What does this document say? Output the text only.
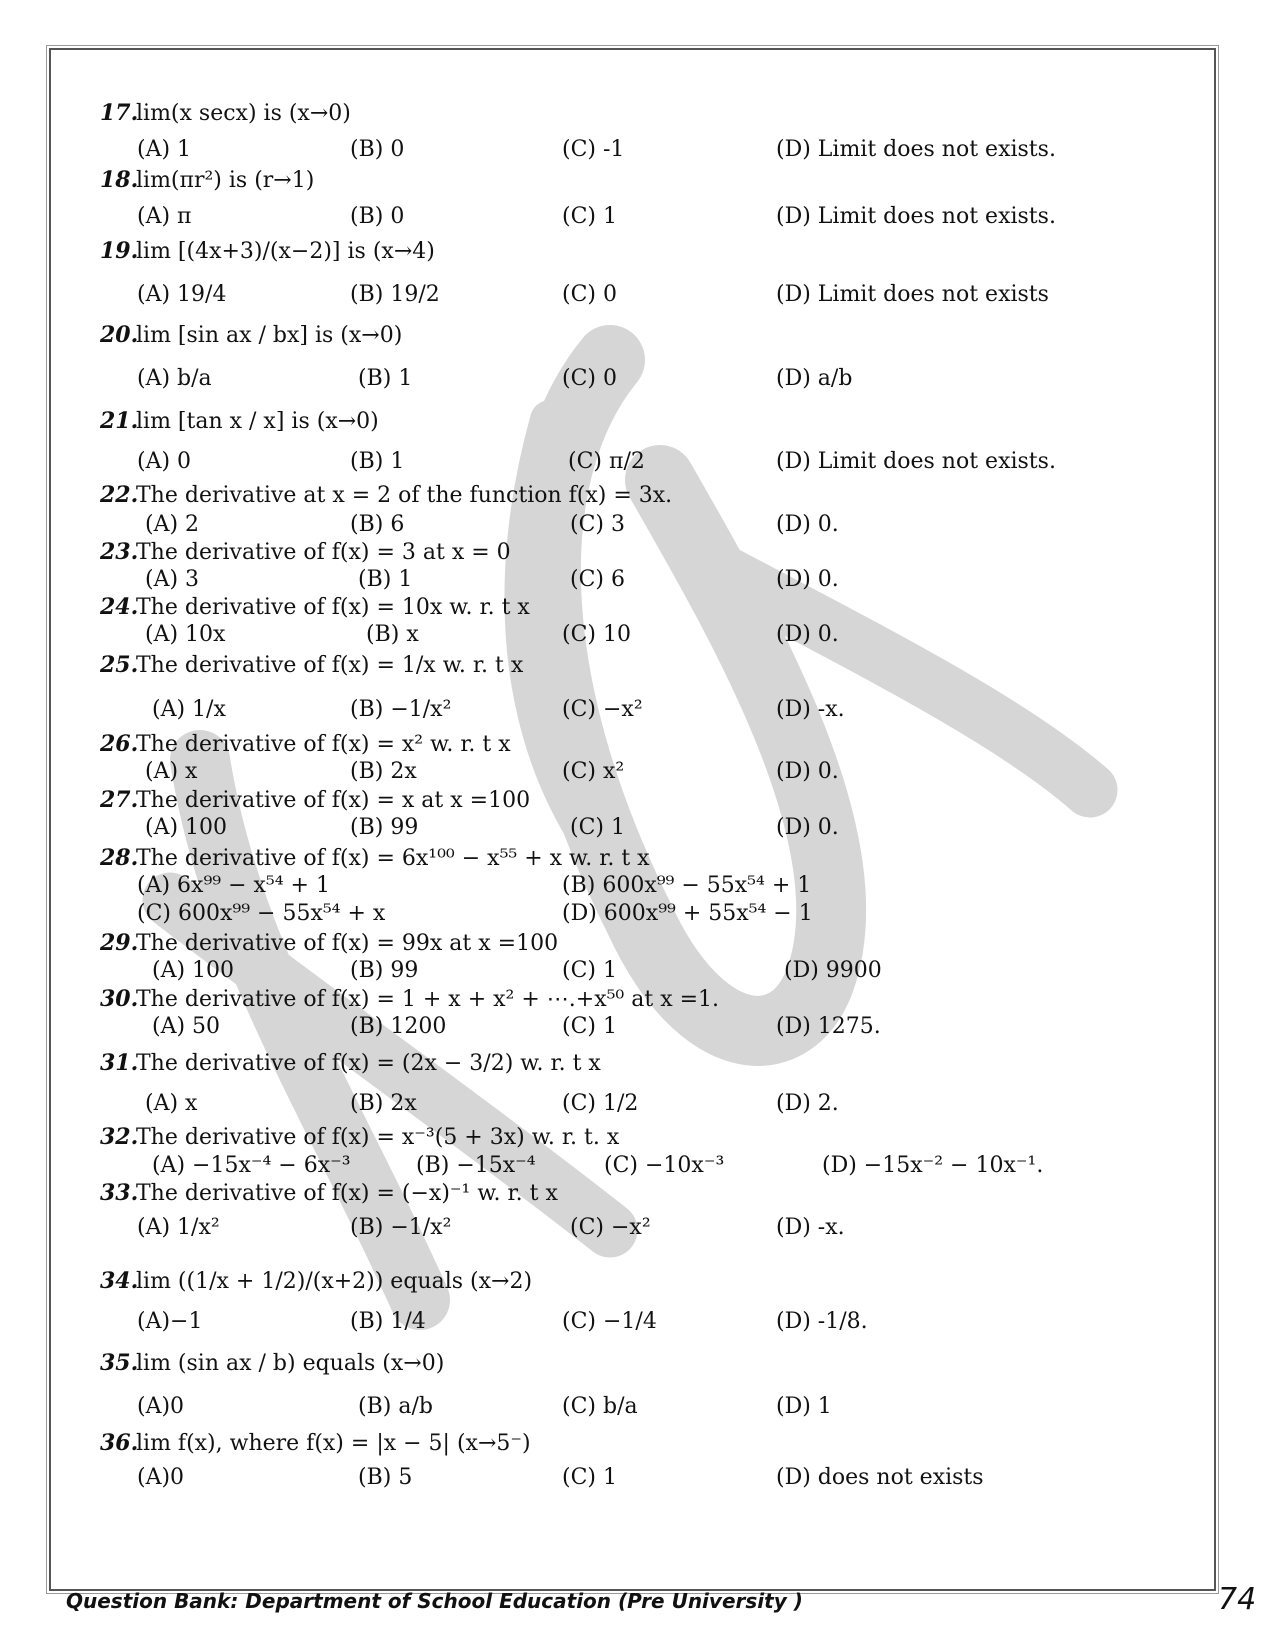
17.lim(x secx) is (x→0)
(A) 1	(B) 0	(C) -1	(D) Limit does not exists.
18.lim(πr²) is (r→1)
(A) π	(B) 0	(C) 1	(D) Limit does not exists.
19.lim [(4x+3)/(x−2)] is (x→4)
(A) 19/4	(B) 19/2	(C) 0	(D) Limit does not exists
20.lim [sin ax / bx] is (x→0)
(A) b/a	(B) 1	(C) 0	(D) a/b
21.lim [tan x / x] is (x→0)
(A) 0	(B) 1	(C) π/2	(D) Limit does not exists.
22.The derivative at x = 2 of the function f(x) = 3x.
(A) 2	(B) 6	(C) 3	(D) 0.
23.The derivative of f(x) = 3 at x = 0
(A) 3	(B) 1	(C) 6	(D) 0.
24.The derivative of f(x) = 10x w. r. t x
(A) 10x	(B) x	(C) 10	(D) 0.
25.The derivative of f(x) = 1/x w. r. t x
(A) 1/x	(B) −1/x²	(C) −x²	(D) -x.
26.The derivative of f(x) = x² w. r. t x
(A) x	(B) 2x	(C) x²	(D) 0.
27.The derivative of f(x) = x at x =100
(A) 100	(B) 99	(C) 1	(D) 0.
28.The derivative of f(x) = 6x¹⁰⁰ − x⁵⁵ + x w. r. t x
(A) 6x⁹⁹ − x⁵⁴ + 1	(B) 600x⁹⁹ − 55x⁵⁴ + 1
(C) 600x⁹⁹ − 55x⁵⁴ + x	(D) 600x⁹⁹ + 55x⁵⁴ − 1
29.The derivative of f(x) = 99x at x =100
(A) 100	(B) 99	(C) 1	(D) 9900
30.The derivative of f(x) = 1 + x + x² + ⋯.+x⁵⁰ at x =1.
(A) 50	(B) 1200	(C) 1	(D) 1275.
31.The derivative of f(x) = (2x − 3/2) w. r. t x
(A) x	(B) 2x	(C) 1/2	(D) 2.
32.The derivative of f(x) = x⁻³(5 + 3x) w. r. t. x
(A) −15x⁻⁴ − 6x⁻³	(B) −15x⁻⁴	(C) −10x⁻³	(D) −15x⁻² − 10x⁻¹.
33.The derivative of f(x) = (−x)⁻¹ w. r. t x
(A) 1/x²	(B) −1/x²	(C) −x²	(D) -x.
34.lim ((1/x + 1/2)/(x+2)) equals (x→2)
(A)−1	(B) 1/4	(C) −1/4	(D) -1/8.
35.lim (sin ax / b) equals (x→0)
(A)0	(B) a/b	(C) b/a	(D) 1
36.lim f(x), where f(x) = |x − 5| (x→5⁻)
(A)0	(B) 5	(C) 1	(D) does not exists
Question Bank: Department of School Education (Pre University )	74
